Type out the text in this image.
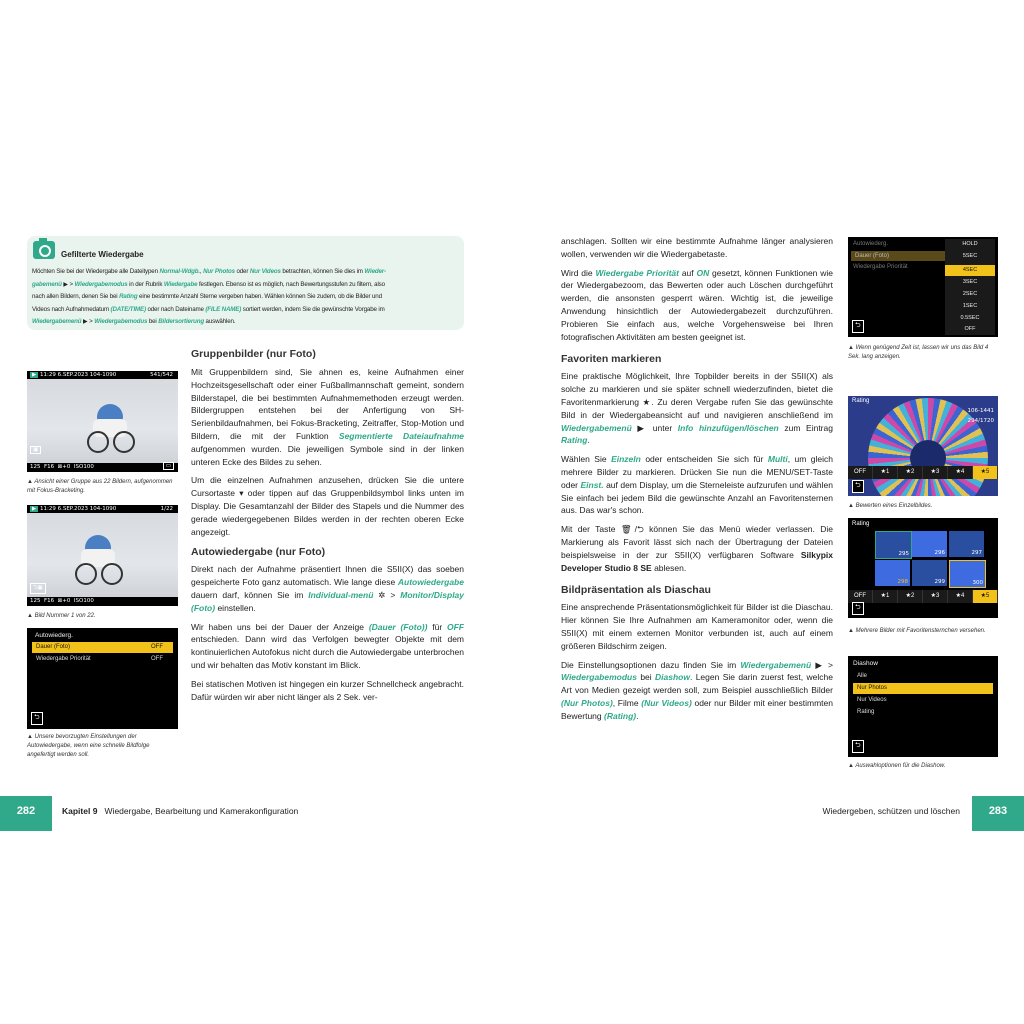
Gefilterte Wiedergabe
Möchten Sie bei der Wiedergabe alle Dateitypen Normal-Wdgb., Nur Photos oder Nur Videos betrachten, können Sie dies im Wieder-
gabemenü ▶ > Wiedergabemodus in der Rubrik Wiedergabe festlegen. Ebenso ist es möglich, nach Bewertungsstufen zu filtern, also
nach allen Bildern, denen Sie bei Rating eine bestimmte Anzahl Sterne vergeben haben. Wählen können Sie zudem, ob die Bilder und
Videos nach Aufnahmedatum (DATE/TIME) oder nach Dateiname (FILE NAME) sortiert werden, indem Sie die gewünschte Vorgabe im
Wiedergabemenü ▶ > Wiedergabemodus bei Bildersortierung auswählen.
▶ 11:29 6.SEP.2023 104-1090	541/542
22 Bilder
▣
125 F16 ⊠+0 ISO100	▭
▲ Ansicht einer Gruppe aus 22 Bildern, aufgenommen mit Fokus-Bracketing.
▶ 11:29 6.SEP.2023 104-1090	1/22
⮌▣
125 F16 ⊠+0 ISO100
▲ Bild Nummer 1 von 22.
Autowiederg.
Dauer (Foto)	OFF
Wiedergabe Priorität	OFF
⮌
▲ Unsere bevorzugten Einstellungen der Autowiedergabe, wenn eine schnelle Bildfolge angefertigt werden soll.
Gruppenbilder (nur Foto)

Mit Gruppenbildern sind, Sie ahnen es, keine Aufnahmen einer Hochzeitsgesellschaft oder einer Fußballmannschaft gemeint, sondern Bilderstapel, die bei bestimmten Aufnahmemethoden erzeugt werden. Bildergruppen entstehen bei der Anfertigung von SH-Serienbildaufnahmen, bei Fokus-Bracketing, Zeitraffer, Stop-Motion und Bildern, die mit der Funktion Segmentierte Dateiaufnahme aufgenommen wurden. Die jeweiligen Symbole sind in der linken unteren Ecke des Bildes zu sehen.

Um die einzelnen Aufnahmen anzusehen, drücken Sie die untere Cursortaste ▾ oder tippen auf das Gruppenbildsymbol links unten im Display. Die Gesamtanzahl der Bilder des Stapels und die Nummer des gerade wiedergegebenen Bildes werden in der rechten oberen Ecke angezeigt.

Autowiedergabe (nur Foto)

Direkt nach der Aufnahme präsentiert Ihnen die S5II(X) das soeben gespeicherte Foto ganz automatisch. Wie lange diese Autowiedergabe dauern darf, können Sie im Individual-menü ✲ > Monitor/Display (Foto) einstellen.

Wir haben uns bei der Dauer der Anzeige (Dauer (Foto)) für OFF entschieden. Dann wird das Verfolgen bewegter Objekte mit dem kontinuierlichen Autofokus nicht durch die Autowiedergabe unterbrochen und wir behalten das Motiv konstant im Blick.

Bei statischen Motiven ist hingegen ein kurzer Schnellcheck angebracht. Dafür würden wir aber nicht länger als 2 Sek. ver-

anschlagen. Sollten wir eine bestimmte Aufnahme länger analysieren wollen, verwenden wir die Wiedergabetaste.

Wird die Wiedergabe Priorität auf ON gesetzt, können Funktionen wie der Wiedergabezoom, das Bewerten oder auch Löschen durchgeführt werden, die ansonsten gesperrt wären. Wichtig ist, die jeweilige Anwendung hinsichtlich der Autowiedergabezeit durchzuführen. Probieren Sie einfach aus, welche Vorgehensweise bei Ihren fotografischen Aktivitäten am besten geeignet ist.

Favoriten markieren

Eine praktische Möglichkeit, Ihre Topbilder bereits in der S5II(X) als solche zu markieren und sie später schnell wiederzufinden, bietet die Favoritenmarkierung ★. Zu deren Vergabe rufen Sie das gewünschte Bild in der Wiedergabeansicht auf und navigieren anschließend im Wiedergabemenü ▶ unter Info hinzufügen/löschen zum Eintrag Rating.

Wählen Sie Einzeln oder entscheiden Sie sich für Multi, um gleich mehrere Bilder zu markieren. Drücken Sie nun die MENU/SET-Taste oder Einst. auf dem Display, um die Sterneleiste aufzurufen und wählen Sie einfach bei jedem Bild die gewünschte Anzahl an Favoritensternen aus. Das war's schon.

Mit der Taste 🗑/⮌ können Sie das Menü wieder verlassen. Die Markierung als Favorit lässt sich nach der Übertragung der Dateien beispielsweise in der zur S5II(X) verfügbaren Software Silkypix Developer Studio 8 SE ablesen.

Bildpräsentation als Diaschau

Eine ansprechende Präsentationsmöglichkeit für Bilder ist die Diaschau. Hier können Sie Ihre Aufnahmen am Kameramonitor oder, wenn die S5II(X) mit einem externen Monitor verbunden ist, auch auf einem größeren Bildschirm zeigen.

Die Einstellungsoptionen dazu finden Sie im Wiedergabemenü ▶ > Wiedergabemodus bei Diashow. Legen Sie darin zuerst fest, welche Art von Medien gezeigt werden soll, zum Beispiel ausschließlich Bilder (Nur Photos), Filme (Nur Videos) oder nur Bilder mit einer bestimmten Bewertung (Rating).

Autowiederg.
Dauer (Foto)
Wiedergabe Priorität
HOLD
5SEC
4SEC
3SEC
2SEC
1SEC
0.5SEC
OFF
⮌
▲ Wenn genügend Zeit ist, lassen wir uns das Bild 4 Sek. lang anzeigen.
Rating
106-1441
294/1720
OFF	★1	★2	★3	★4	★5
⮌
▲ Bewerten eines Einzelbildes.
Rating
295	296	297
298	299	300
OFF	★1	★2	★3	★4	★5
⮌
▲ Mehrere Bilder mit Favoritensternchen versehen.
Diashow
Alle
Nur Photos
Nur Videos
Rating
⮌
▲ Auswahloptionen für die Diashow.
282	Kapitel 9 Wiedergabe, Bearbeitung und Kamerakonfiguration	Wiedergeben, schützen und löschen	283
